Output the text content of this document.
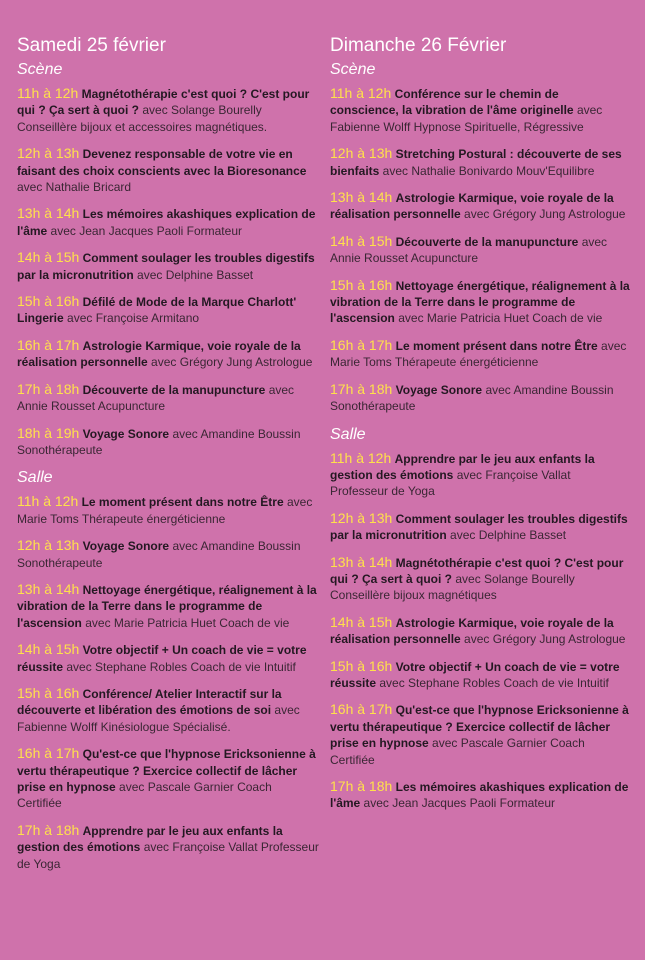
Samedi 25 février
Scène
11h à 12h Magnétothérapie c'est quoi ? C'est pour qui ? Ça sert à quoi ? avec Solange Bourelly Conseillère bijoux et accessoires magnétiques.
12h à 13h Devenez responsable de votre vie en faisant des choix conscients avec la Bioresonance avec Nathalie Bricard
13h à 14h Les mémoires akashiques explication de l'âme avec Jean Jacques Paoli Formateur
14h à 15h Comment soulager les troubles digestifs par la micronutrition avec Delphine Basset
15h à 16h Défilé de Mode de la Marque Charlott' Lingerie avec Françoise Armitano
16h à 17h Astrologie Karmique, voie royale de la réalisation personnelle avec Grégory Jung Astrologue
17h à 18h Découverte de la manupuncture avec Annie Rousset Acupuncture
18h à 19h Voyage Sonore avec Amandine Boussin Sonothérapeute
Salle
11h à 12h Le moment présent dans notre Être avec Marie Toms Thérapeute énergéticienne
12h à 13h Voyage Sonore avec Amandine Boussin Sonothérapeute
13h à 14h Nettoyage énergétique, réalignement à la vibration de la Terre dans le programme de l'ascension avec Marie Patricia Huet Coach de vie
14h à 15h Votre objectif + Un coach de vie = votre réussite avec Stephane Robles Coach de vie Intuitif
15h à 16h Conférence/ Atelier Interactif sur la découverte et libération des émotions de soi avec Fabienne Wolff Kinésiologue Spécialisé.
16h à 17h Qu'est-ce que l'hypnose Ericksonienne à vertu thérapeutique ? Exercice collectif de lâcher prise en hypnose avec Pascale Garnier Coach Certifiée
17h à 18h Apprendre par le jeu aux enfants la gestion des émotions avec Françoise Vallat Professeur de Yoga
Dimanche 26 Février
Scène
11h à 12h Conférence sur le chemin de conscience, la vibration de l'âme originelle avec Fabienne Wolff Hypnose Spirituelle, Régressive
12h à 13h Stretching Postural : découverte de ses bienfaits avec Nathalie Bonivardo Mouv'Equilibre
13h à 14h Astrologie Karmique, voie royale de la réalisation personnelle avec Grégory Jung Astrologue
14h à 15h Découverte de la manupuncture avec Annie Rousset Acupuncture
15h à 16h Nettoyage énergétique, réalignement à la vibration de la Terre dans le programme de l'ascension avec Marie Patricia Huet Coach de vie
16h à 17h Le moment présent dans notre Être avec Marie Toms Thérapeute énergéticienne
17h à 18h Voyage Sonore avec Amandine Boussin Sonothérapeute
Salle
11h à 12h Apprendre par le jeu aux enfants la gestion des émotions avec Françoise Vallat Professeur de Yoga
12h à 13h Comment soulager les troubles digestifs par la micronutrition avec Delphine Basset
13h à 14h Magnétothérapie c'est quoi ? C'est pour qui ? Ça sert à quoi ? avec Solange Bourelly Conseillère bijoux magnétiques
14h à 15h Astrologie Karmique, voie royale de la réalisation personnelle avec Grégory Jung Astrologue
15h à 16h Votre objectif + Un coach de vie = votre réussite avec Stephane Robles Coach de vie Intuitif
16h à 17h Qu'est-ce que l'hypnose Ericksonienne à vertu thérapeutique ? Exercice collectif de lâcher prise en hypnose avec Pascale Garnier Coach Certifiée
17h à 18h Les mémoires akashiques explication de l'âme avec Jean Jacques Paoli Formateur
